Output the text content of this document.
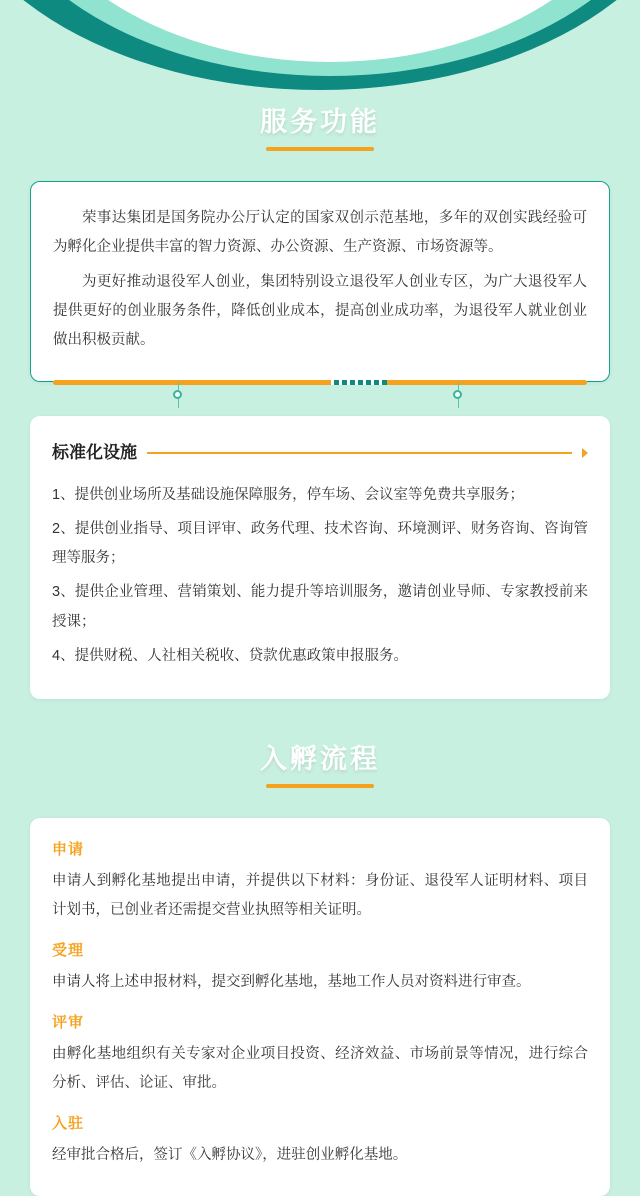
服务功能

荣事达集团是国务院办公厅认定的国家双创示范基地，多年的双创实践经验可为孵化企业提供丰富的智力资源、办公资源、生产资源、市场资源等。

为更好推动退役军人创业，集团特别设立退役军人创业专区，为广大退役军人提供更好的创业服务条件，降低创业成本，提高创业成功率，为退役军人就业创业做出积极贡献。

标准化设施

1、提供创业场所及基础设施保障服务，停车场、会议室等免费共享服务；

2、提供创业指导、项目评审、政务代理、技术咨询、环境测评、财务咨询、咨询管理等服务；

3、提供企业管理、营销策划、能力提升等培训服务，邀请创业导师、专家教授前来授课；

4、提供财税、人社相关税收、贷款优惠政策申报服务。

入孵流程

申请

申请人到孵化基地提出申请，并提供以下材料：身份证、退役军人证明材料、项目计划书，已创业者还需提交营业执照等相关证明。

受理

申请人将上述申报材料，提交到孵化基地，基地工作人员对资料进行审查。

评审

由孵化基地组织有关专家对企业项目投资、经济效益、市场前景等情况，进行综合分析、评估、论证、审批。

入驻

经审批合格后，签订《入孵协议》，进驻创业孵化基地。
